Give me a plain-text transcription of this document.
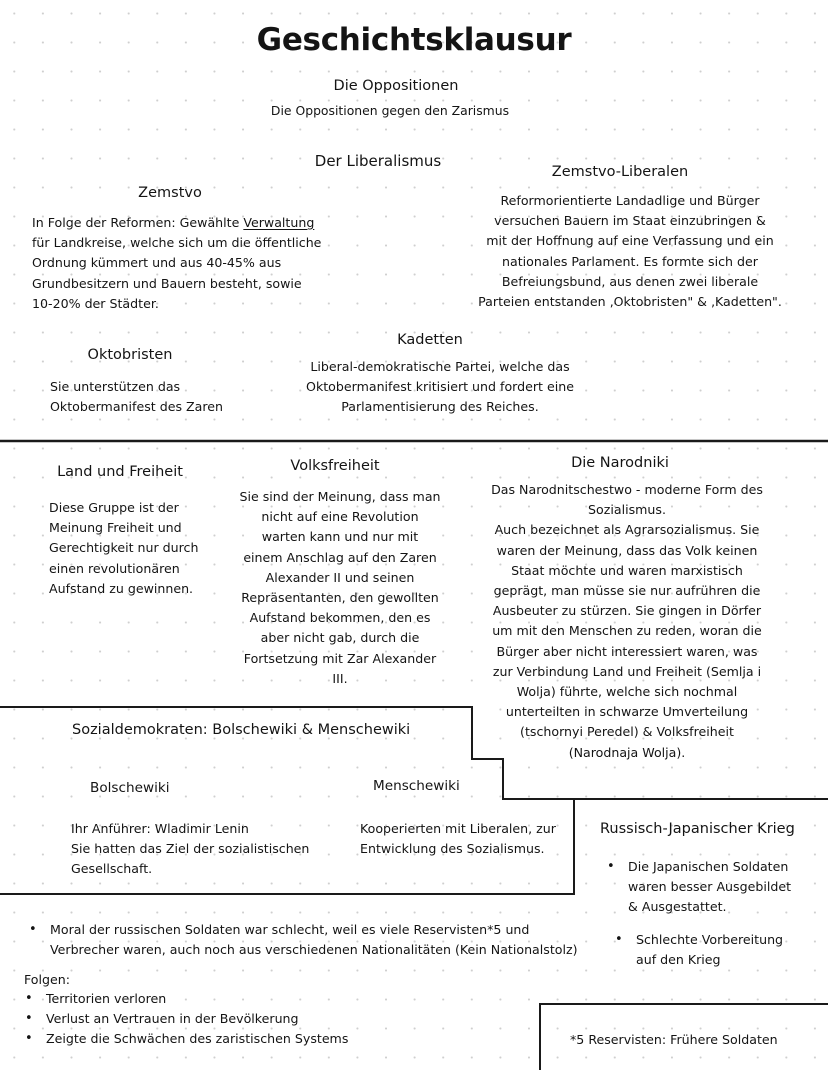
Geschichtsklausur
Die Oppositionen
Die Oppositionen gegen den Zarismus
Der Liberalismus
Zemstvo
In Folge der Reformen: Gewählte Verwaltung
für Landkreise, welche sich um die öffentliche
Ordnung kümmert und aus 40-45% aus
Grundbesitzern und Bauern besteht, sowie
10-20% der Städter.
Zemstvo-Liberalen
Reformorientierte Landadlige und Bürger
versuchen Bauern im Staat einzubringen &
mit der Hoffnung auf eine Verfassung und ein
nationales Parlament. Es formte sich der
Befreiungsbund, aus denen zwei liberale
Parteien entstanden ‚Oktobristen" & ‚Kadetten".
Oktobristen
Sie unterstützen das
Oktobermanifest des Zaren
Kadetten
Liberal-demokratische Partei, welche das
Oktobermanifest kritisiert und fordert eine
Parlamentisierung des Reiches.
Land und Freiheit
Diese Gruppe ist der
Meinung Freiheit und
Gerechtigkeit nur durch
einen revolutionären
Aufstand zu gewinnen.
Volksfreiheit
Sie sind der Meinung, dass man
nicht auf eine Revolution
warten kann und nur mit
einem Anschlag auf den Zaren
Alexander II und seinen
Repräsentanten, den gewollten
Aufstand bekommen, den es
aber nicht gab, durch die
Fortsetzung mit Zar Alexander
III.
Die Narodniki
Das Narodnitschestwo - moderne Form des
Sozialismus.
Auch bezeichnet als Agrarsozialismus. Sie
waren der Meinung, dass das Volk keinen
Staat möchte und waren marxistisch
geprägt, man müsse sie nur aufrühren die
Ausbeuter zu stürzen. Sie gingen in Dörfer
um mit den Menschen zu reden, woran die
Bürger aber nicht interessiert waren, was
zur Verbindung Land und Freiheit (Semlja i
Wolja) führte, welche sich nochmal
unterteilten in schwarze Umverteilung
(tschornyi Peredel) & Volksfreiheit
(Narodnaja Wolja).
Sozialdemokraten: Bolschewiki & Menschewiki
Bolschewiki
Ihr Anführer: Wladimir Lenin
Sie hatten das Ziel der sozialistischen
Gesellschaft.
Menschewiki
Kooperierten mit Liberalen, zur
Entwicklung des Sozialismus.
Russisch-Japanischer Krieg
• Die Japanischen Soldaten
waren besser Ausgebildet
& Ausgestattet.
• Schlechte Vorbereitung
auf den Krieg
• Moral der russischen Soldaten war schlecht, weil es viele Reservisten*5 und
Verbrecher waren, auch noch aus verschiedenen Nationalitäten (Kein Nationalstolz)
Folgen:
• Territorien verloren
• Verlust an Vertrauen in der Bevölkerung
• Zeigte die Schwächen des zaristischen Systems	*5 Reservisten: Frühere Soldaten
